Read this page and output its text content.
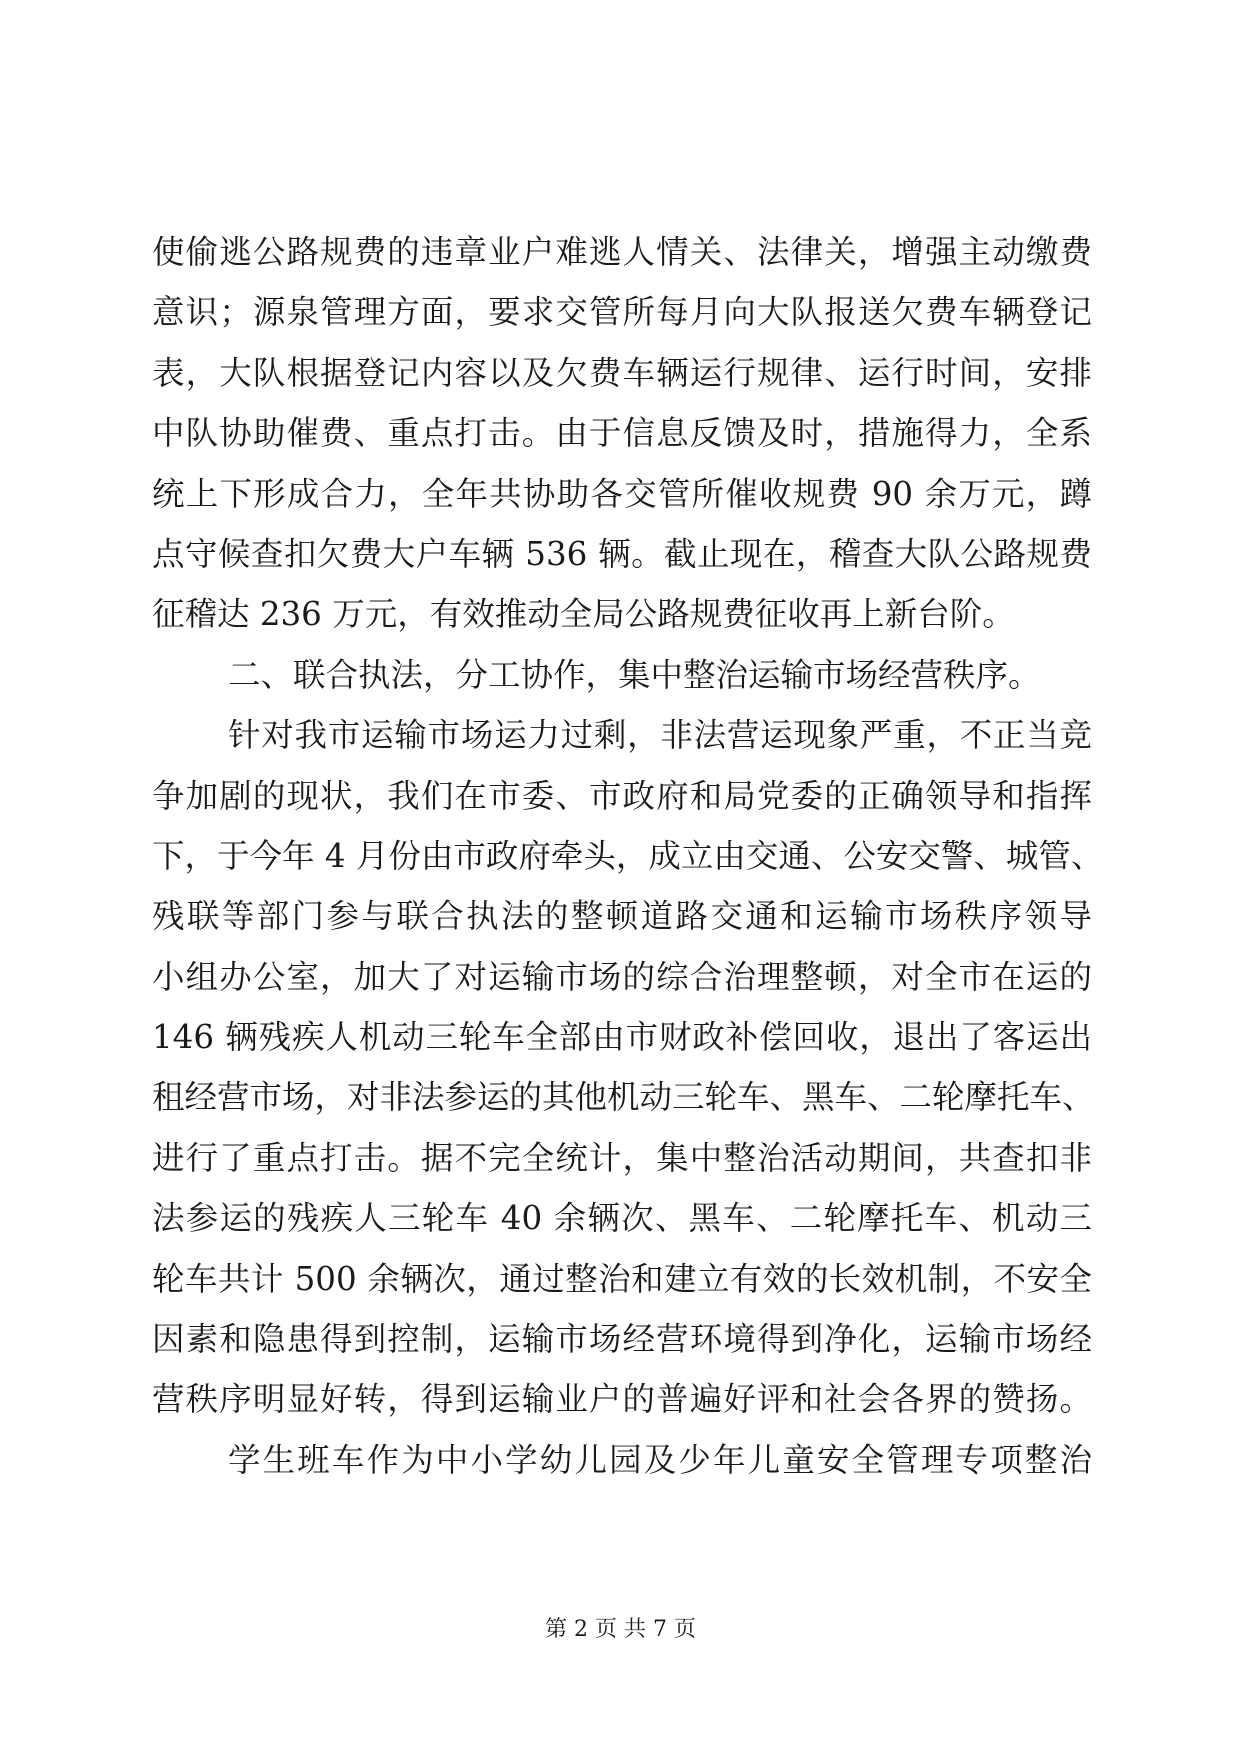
使偷逃公路规费的违章业户难逃人情关、法律关，增强主动缴费
意识；源泉管理方面，要求交管所每月向大队报送欠费车辆登记
表，大队根据登记内容以及欠费车辆运行规律、运行时间，安排
中队协助催费、重点打击。由于信息反馈及时，措施得力，全系
统上下形成合力，全年共协助各交管所催收规费 90 余万元，蹲
点守候查扣欠费大户车辆 536 辆。截止现在，稽查大队公路规费
征稽达 236 万元，有效推动全局公路规费征收再上新台阶。
二、联合执法，分工协作，集中整治运输市场经营秩序。
针对我市运输市场运力过剩，非法营运现象严重，不正当竞
争加剧的现状，我们在市委、市政府和局党委的正确领导和指挥
下，于今年 4 月份由市政府牵头，成立由交通、公安交警、城管、
残联等部门参与联合执法的整顿道路交通和运输市场秩序领导
小组办公室，加大了对运输市场的综合治理整顿，对全市在运的
146 辆残疾人机动三轮车全部由市财政补偿回收，退出了客运出
租经营市场，对非法参运的其他机动三轮车、黑车、二轮摩托车、
进行了重点打击。据不完全统计，集中整治活动期间，共查扣非
法参运的残疾人三轮车 40 余辆次、黑车、二轮摩托车、机动三
轮车共计 500 余辆次，通过整治和建立有效的长效机制，不安全
因素和隐患得到控制，运输市场经营环境得到净化，运输市场经
营秩序明显好转，得到运输业户的普遍好评和社会各界的赞扬。
学生班车作为中小学幼儿园及少年儿童安全管理专项整治
第 2 页 共 7 页
